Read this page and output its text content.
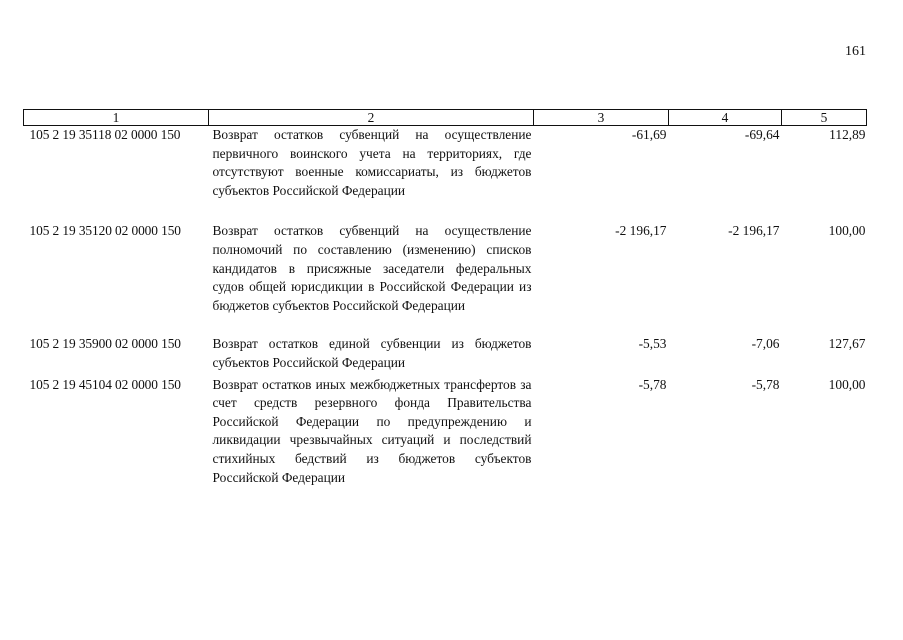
161
1	2	3	4	5
105 2 19 35118 02 0000 150	Возврат остатков субвенций на осуществление первичного воинского учета на территориях, где отсутствуют военные комиссариаты, из бюджетов субъектов Российской Федерации	-61,69	-69,64	112,89
105 2 19 35120 02 0000 150	Возврат остатков субвенций на осуществление полномочий по составлению (изменению) списков кандидатов в присяжные заседатели федеральных судов общей юрисдикции в Российской Федерации из бюджетов субъектов Российской Федерации	-2 196,17	-2 196,17	100,00
105 2 19 35900 02 0000 150	Возврат остатков единой субвенции из бюджетов субъектов Российской Федерации	-5,53	-7,06	127,67
105 2 19 45104 02 0000 150	Возврат остатков иных межбюджетных трансфертов за счет средств резервного фонда Правительства Российской Федерации по предупреждению и ликвидации чрезвычайных ситуаций и последствий стихийных бедствий из бюджетов субъектов Российской Федерации	-5,78	-5,78	100,00
